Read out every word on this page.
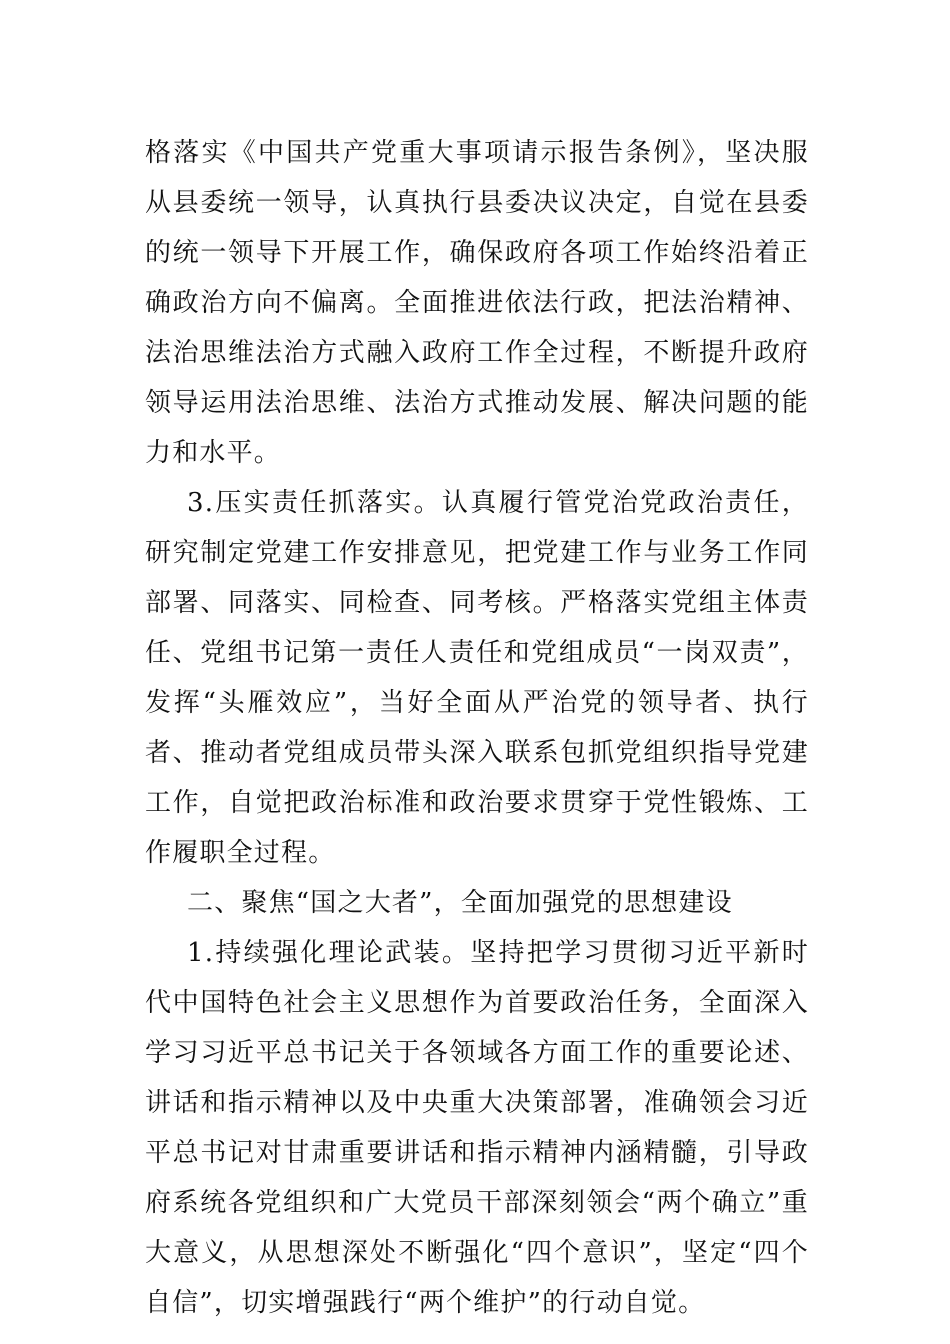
格落实《中国共产党重大事项请示报告条例》，坚决服从县委统一领导，认真执行县委决议决定，自觉在县委的统一领导下开展工作，确保政府各项工作始终沿着正确政治方向不偏离。全面推进依法行政，把法治精神、法治思维法治方式融入政府工作全过程，不断提升政府领导运用法治思维、法治方式推动发展、解决问题的能力和水平。

3.压实责任抓落实。认真履行管党治党政治责任，研究制定党建工作安排意见，把党建工作与业务工作同部署、同落实、同检查、同考核。严格落实党组主体责任、党组书记第一责任人责任和党组成员“一岗双责”，发挥“头雁效应”，当好全面从严治党的领导者、执行者、推动者党组成员带头深入联系包抓党组织指导党建工作，自觉把政治标准和政治要求贯穿于党性锻炼、工作履职全过程。

二、聚焦“国之大者”，全面加强党的思想建设

1.持续强化理论武装。坚持把学习贯彻习近平新时代中国特色社会主义思想作为首要政治任务，全面深入学习习近平总书记关于各领域各方面工作的重要论述、讲话和指示精神以及中央重大决策部署，准确领会习近平总书记对甘肃重要讲话和指示精神内涵精髓，引导政府系统各党组织和广大党员干部深刻领会“两个确立”重大意义，从思想深处不断强化“四个意识”，坚定“四个自信”，切实增强践行“两个维护”的行动自觉。
